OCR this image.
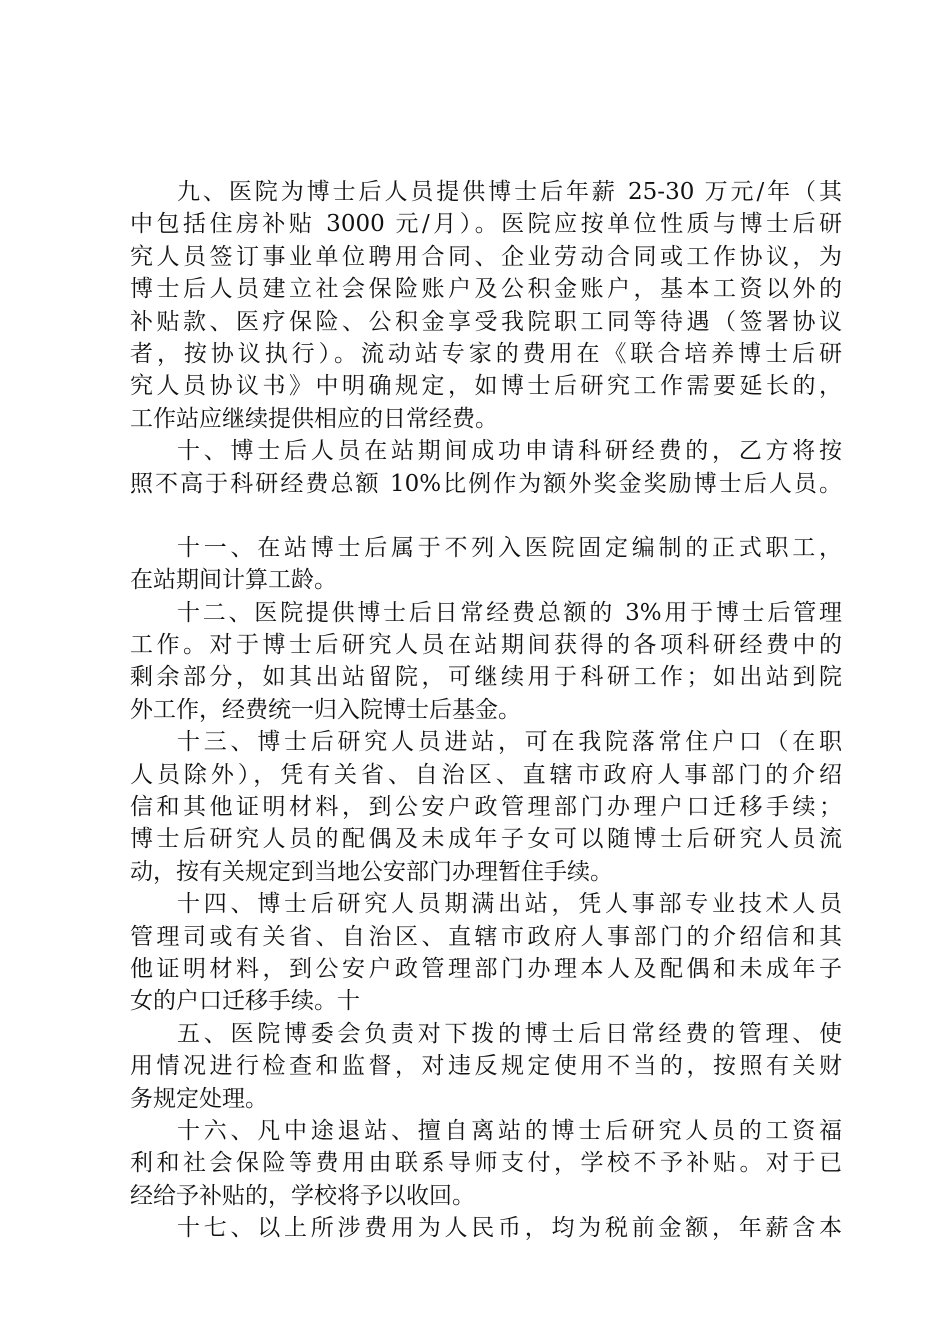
九、医院为博士后人员提供博士后年薪 25-30 万元/年（其
中包括住房补贴 3000 元/月）。医院应按单位性质与博士后研
究人员签订事业单位聘用合同、企业劳动合同或工作协议，为
博士后人员建立社会保险账户及公积金账户，基本工资以外的
补贴款、医疗保险、公积金享受我院职工同等待遇（签署协议
者，按协议执行）。流动站专家的费用在《联合培养博士后研
究人员协议书》中明确规定，如博士后研究工作需要延长的，
工作站应继续提供相应的日常经费。
十、博士后人员在站期间成功申请科研经费的，乙方将按
照不高于科研经费总额 10%比例作为额外奖金奖励博士后人员。
十一、在站博士后属于不列入医院固定编制的正式职工，
在站期间计算工龄。
十二、医院提供博士后日常经费总额的 3%用于博士后管理
工作。对于博士后研究人员在站期间获得的各项科研经费中的
剩余部分，如其出站留院，可继续用于科研工作；如出站到院
外工作，经费统一归入院博士后基金。
十三、博士后研究人员进站，可在我院落常住户口（在职
人员除外），凭有关省、自治区、直辖市政府人事部门的介绍
信和其他证明材料，到公安户政管理部门办理户口迁移手续；
博士后研究人员的配偶及未成年子女可以随博士后研究人员流
动，按有关规定到当地公安部门办理暂住手续。
十四、博士后研究人员期满出站，凭人事部专业技术人员
管理司或有关省、自治区、直辖市政府人事部门的介绍信和其
他证明材料，到公安户政管理部门办理本人及配偶和未成年子
女的户口迁移手续。十
五、医院博委会负责对下拨的博士后日常经费的管理、使
用情况进行检查和监督，对违反规定使用不当的，按照有关财
务规定处理。
十六、凡中途退站、擅自离站的博士后研究人员的工资福
利和社会保险等费用由联系导师支付，学校不予补贴。对于已
经给予补贴的，学校将予以收回。
十七、以上所涉费用为人民币，均为税前金额，年薪含本
